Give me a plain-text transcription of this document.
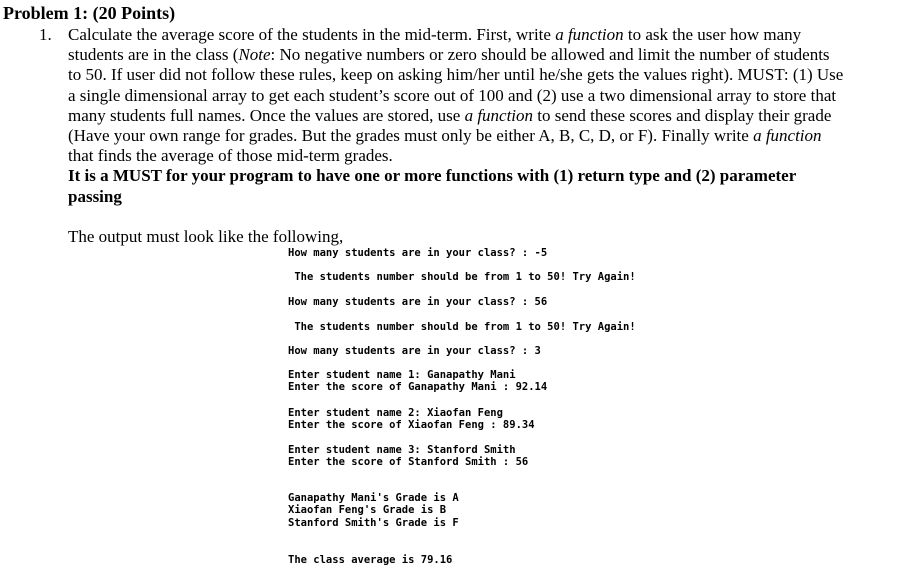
Problem 1: (20 Points)
1. Calculate the average score of the students in the mid-term. First, write a function to ask the user how many
students are in the class (Note: No negative numbers or zero should be allowed and limit the number of students
to 50. If user did not follow these rules, keep on asking him/her until he/she gets the values right). MUST: (1) Use
a single dimensional array to get each student’s score out of 100 and (2) use a two dimensional array to store that
many students full names. Once the values are stored, use a function to send these scores and display their grade
(Have your own range for grades. But the grades must only be either A, B, C, D, or F). Finally write a function
that finds the average of those mid-term grades.
It is a MUST for your program to have one or more functions with (1) return type and (2) parameter
passing
The output must look like the following,
How many students are in your class? : -5
The students number should be from 1 to 50! Try Again!
How many students are in your class? : 56
The students number should be from 1 to 50! Try Again!
How many students are in your class? : 3
Enter student name 1: Ganapathy Mani
Enter the score of Ganapathy Mani : 92.14
Enter student name 2: Xiaofan Feng
Enter the score of Xiaofan Feng : 89.34
Enter student name 3: Stanford Smith
Enter the score of Stanford Smith : 56
Ganapathy Mani's Grade is A
Xiaofan Feng's Grade is B
Stanford Smith's Grade is F
The class average is 79.16
